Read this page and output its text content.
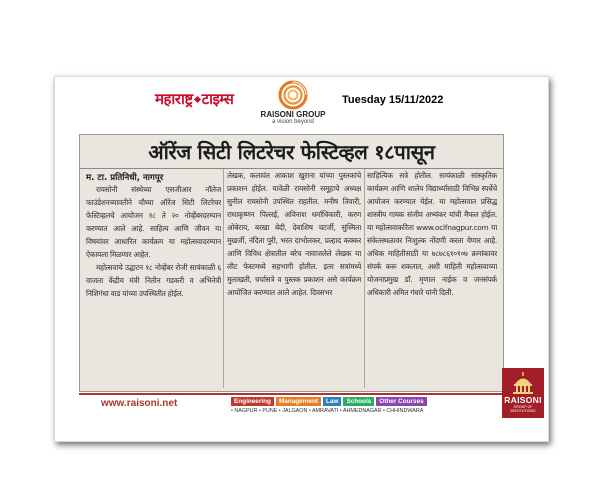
महाराष्ट्र टाइम्स
RAISONI GROUP
a vision beyond
Tuesday 15/11/2022
ऑरेंज सिटी लिटरेचर फेस्टिव्हल १८पासून
म. टा. प्रतिनिधी, नागपूर

रायसोनी संस्थेच्या एसजीआर नॉलेज फाउंडेशनच्यावतीने चौथ्या ऑरेंज सिटी लिटरेचर फेस्टिव्हलचे आयोजन १८ ते २० नोव्हेंबरदरम्यान करण्यात आले आहे. साहित्य आणि जीवन या विषयांवर आधारित कार्यक्रम या महोत्सवादरम्यान ऐकायला मिळणार आहेत.

महोत्सवाचे उद्घाटन १८ नोव्हेंबर रोजी सायंकाळी ६ वाजता केंद्रीय मंत्री नितीन गडकरी व अभिनेत्री निशिगंधा वाड यांच्या उपस्थितीत होईल.

लेखक, कलावंत आकाश खुराना यांच्या पुस्तकांचे प्रकाशन होईल. यावेळी रायसोनी समूहाचे अध्यक्ष सुनील रायसोनी उपस्थित राहतील. मनीष तिवारी, राधाकृष्णन पिल्लई, अविनाश धर्माधिकारी, करण ओबेराय, बरखा बेदी, देबाशिष चटर्जी, सुस्मिता मुखर्जी, नंदिता पुरी, भरत दाभोलकर, प्रल्हाद कक्कर आणि विविध क्षेत्रातील बरेच नावाजलेले लेखक या लीट फेस्टमध्ये सहभागी होतील. इतर सत्रांमध्ये मुलाखती, चर्चासत्रे व पुस्तक प्रकाशन असे कार्यक्रम आयोजित करण्यात आले आहेत. दिवसभर

साहित्यिक सत्रे होतील. सायंकाळी सांस्कृतिक कार्यक्रम आणि शालेय विद्यार्थ्यांसाठी विभिन्न स्पर्धेचे आयोजन करण्यात येईल. या महोत्सवात प्रसिद्ध शास्त्रीय गायक संजीव अभ्यंकर यांची मैफल होईल. या महोत्सवाकरिता www.oclfnagpur.com या संकेतस्थळावर निःशुल्क नोंदणी करता येणार आहे. अधिक माहितीसाठी या ७८७८६१०१०७ क्रमांकावर संपर्क करू शकतात, अशी माहिती महोत्सवाच्या योजनाप्रमुख डॉ. मृणाल नाईक व जनसंपर्क अधिकारी अमित गंधारे यांनी दिली.

www.raisoni.net	Engineering	Management	Law	Schools	Other Courses
• NAGPUR • PUNE • JALGAON • AMRAVATI • AHMEDNAGAR • CHHINDWARA
RAISONI
GROUP OF INSTITUTIONS
